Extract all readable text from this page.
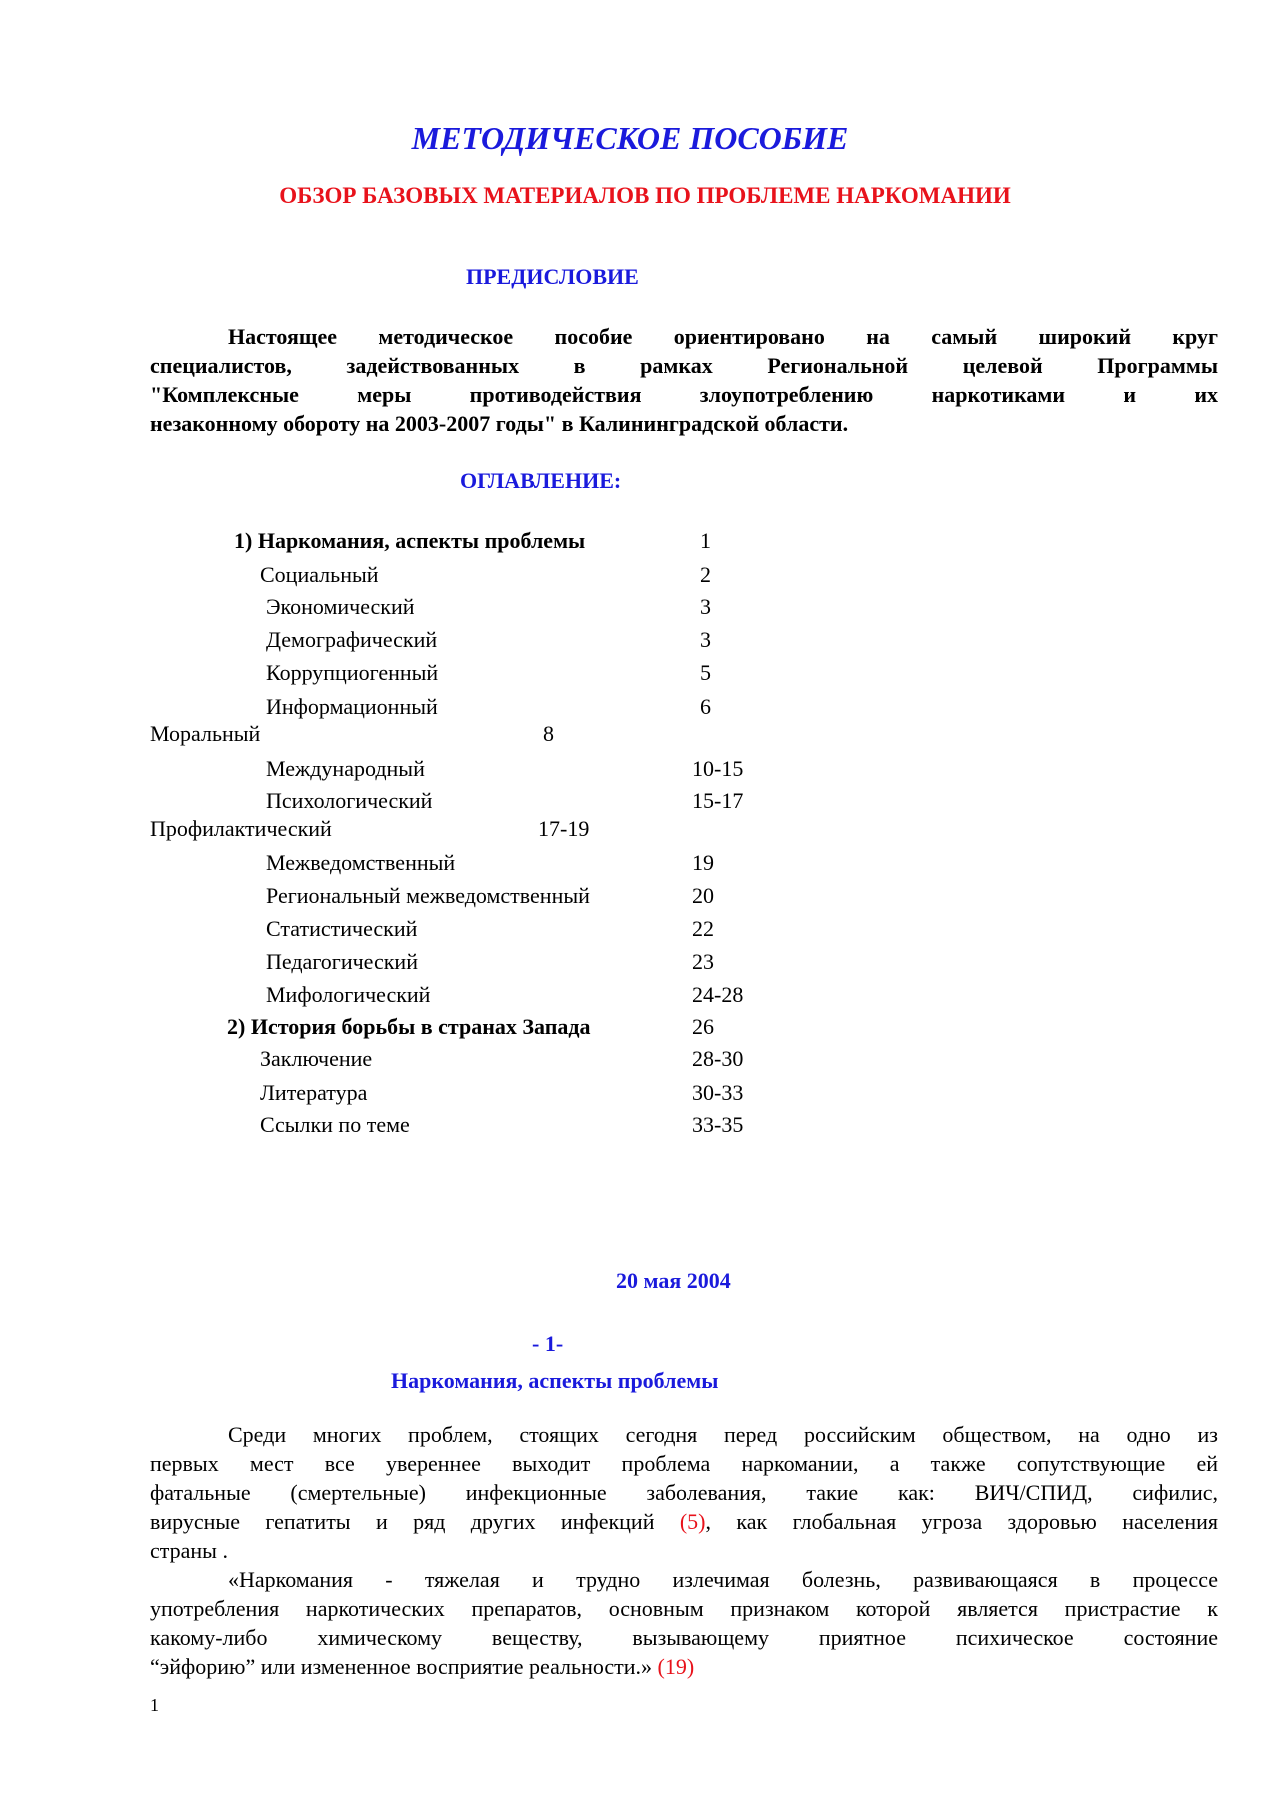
МЕТОДИЧЕСКОЕ ПОСОБИЕ
ОБЗОР БАЗОВЫХ МАТЕРИАЛОВ ПО ПРОБЛЕМЕ НАРКОМАНИИ
ПРЕДИСЛОВИЕ
Настоящее методическое пособие ориентировано на самый широкий круг
специалистов, задействованных в рамках Региональной целевой Программы
"Комплексные меры противодействия злоупотреблению наркотиками и их
незаконному обороту на 2003-2007 годы" в Калининградской области.
ОГЛАВЛЕНИЕ:
1) Наркомания, аспекты проблемы	1
Социальный	2
Экономический	3
Демографический	3
Коррупциогенный	5
Информационный	6
Моральный	8
Международный	10-15
Психологический	15-17
Профилактический	17-19
Межведомственный	19
Региональный межведомственный	20
Статистический	22
Педагогический	23
Мифологический	24-28
2) История борьбы в странах Запада	26
Заключение	28-30
Литература	30-33
Ссылки по теме	33-35
20 мая 2004
- 1-
Наркомания, аспекты проблемы
Среди многих проблем, стоящих сегодня перед российским обществом, на одно из
первых мест все увереннее выходит проблема наркомании, а также сопутствующие ей
фатальные (смертельные) инфекционные заболевания, такие как: ВИЧ/СПИД, сифилис,
вирусные гепатиты и ряд других инфекций (5), как глобальная угроза здоровью населения
страны .
«Наркомания - тяжелая и трудно излечимая болезнь, развивающаяся в процессе
употребления наркотических препаратов, основным признаком которой является пристрастие к
какому-либо химическому веществу, вызывающему приятное психическое состояние
“эйфорию” или измененное восприятие реальности.» (19)
1
